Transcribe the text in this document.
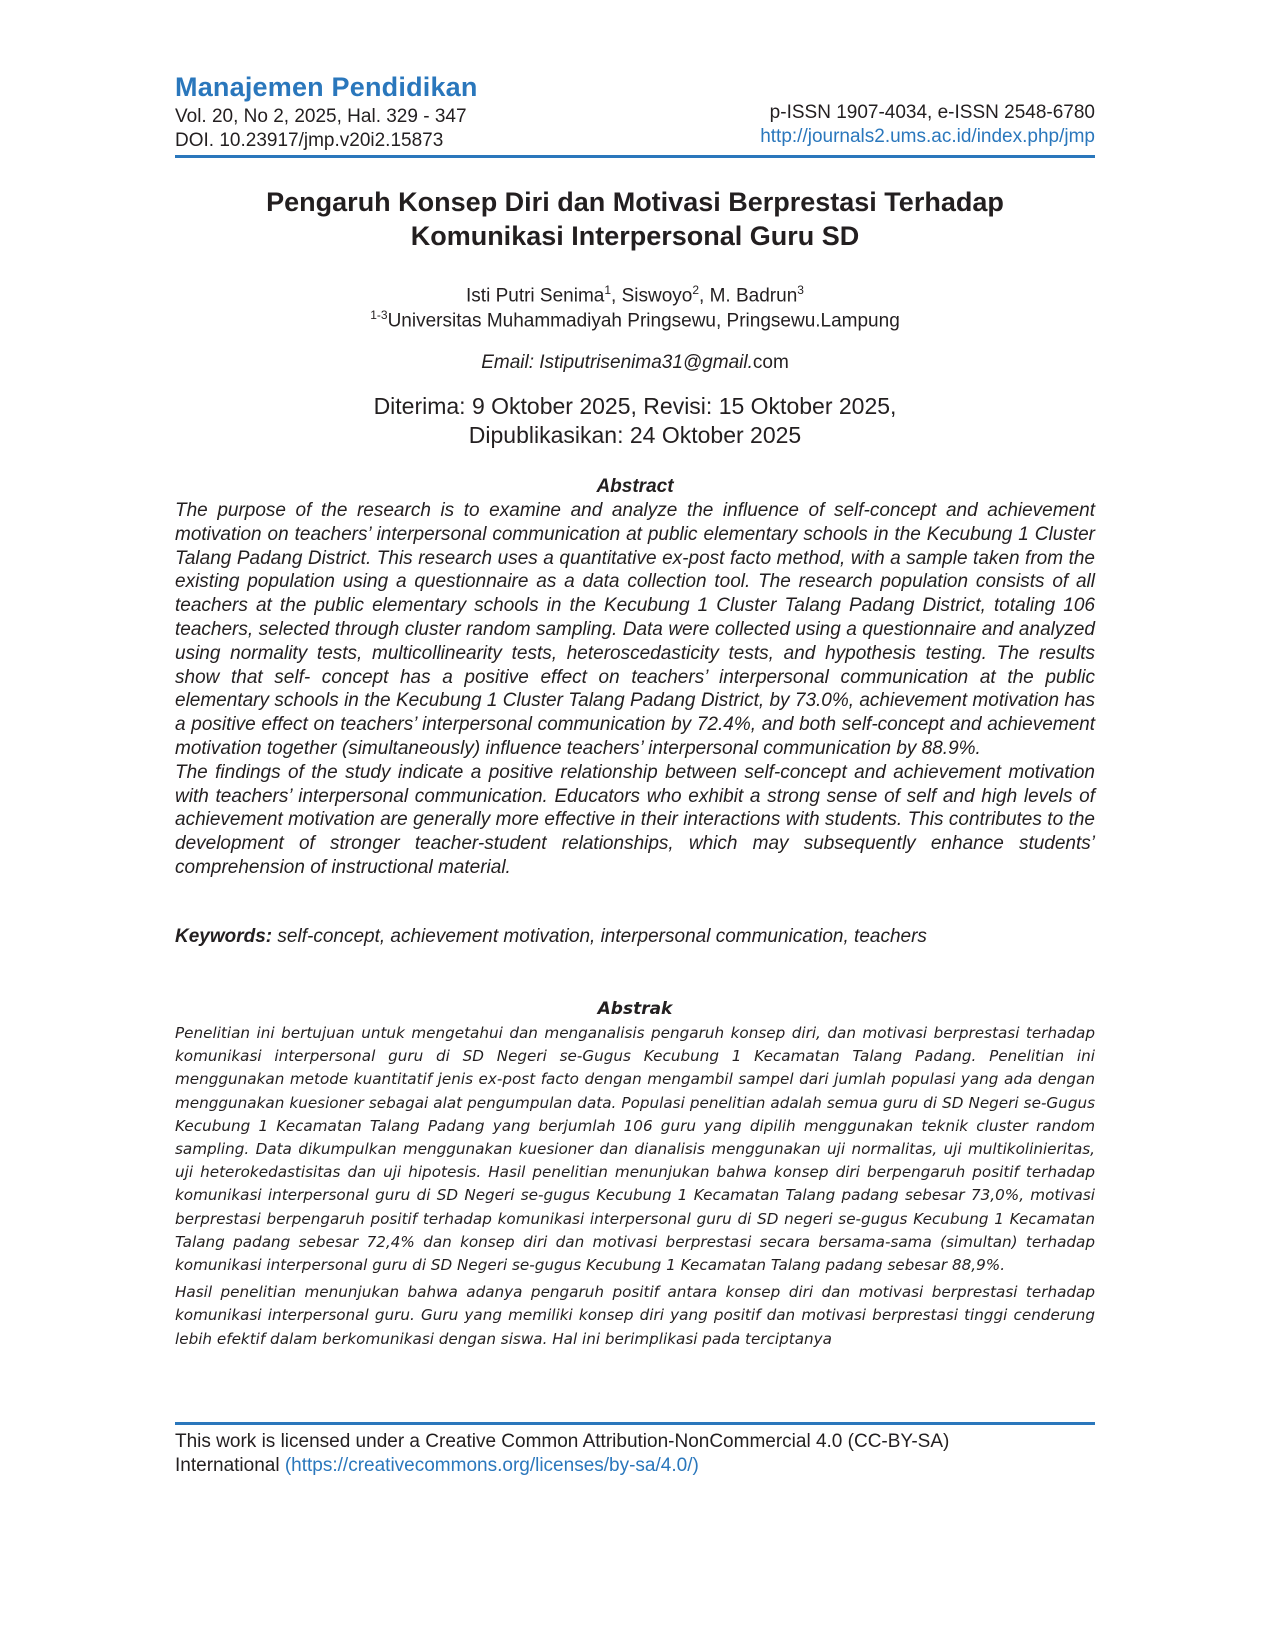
Manajemen Pendidikan
Vol. 20, No 2, 2025, Hal. 329 - 347
DOI. 10.23917/jmp.v20i2.15873
p-ISSN 1907-4034, e-ISSN 2548-6780
http://journals2.ums.ac.id/index.php/jmp
Pengaruh Konsep Diri dan Motivasi Berprestasi Terhadap
Komunikasi Interpersonal Guru SD
Isti Putri Senima$^1$, Siswoyo$^2$, M. Badrun$^3$
$^{1-3}$Universitas Muhammadiyah Pringsewu, Pringsewu.Lampung
Email: Istiputrisenima31@gmail.com
Diterima: 9 Oktober 2025, Revisi: 15 Oktober 2025,
Dipublikasikan: 24 Oktober 2025
Abstract

The purpose of the research is to examine and analyze the influence of self-concept and achievement motivation on teachers’ interpersonal communication at public elementary schools in the Kecubung 1 Cluster Talang Padang District. This research uses a quantitative ex-post facto method, with a sample taken from the existing population using a questionnaire as a data collection tool. The research population consists of all teachers at the public elementary schools in the Kecubung 1 Cluster Talang Padang District, totaling 106 teachers, selected through cluster random sampling. Data were collected using a questionnaire and analyzed using normality tests, multicollinearity tests, heteroscedasticity tests, and hypothesis testing. The results show that self- concept has a positive effect on teachers’ interpersonal communication at the public elementary schools in the Kecubung 1 Cluster Talang Padang District, by 73.0%, achievement motivation has a positive effect on teachers’ interpersonal communication by 72.4%, and both self-concept and achievement motivation together (simultaneously) influence teachers’ interpersonal communication by 88.9%.

The findings of the study indicate a positive relationship between self-concept and achievement motivation with teachers’ interpersonal communication. Educators who exhibit a strong sense of self and high levels of achievement motivation are generally more effective in their interactions with students. This contributes to the development of stronger teacher-student relationships, which may subsequently enhance students’ comprehension of instructional material.

Keywords: self-concept, achievement motivation, interpersonal communication, teachers
Abstrak

Penelitian ini bertujuan untuk mengetahui dan menganalisis pengaruh konsep diri, dan motivasi berprestasi terhadap komunikasi interpersonal guru di SD Negeri se-Gugus Kecubung 1 Kecamatan Talang Padang. Penelitian ini menggunakan metode kuantitatif jenis ex-post facto dengan mengambil sampel dari jumlah populasi yang ada dengan menggunakan kuesioner sebagai alat pengumpulan data. Populasi penelitian adalah semua guru di SD Negeri se-Gugus Kecubung 1 Kecamatan Talang Padang yang berjumlah 106 guru yang dipilih menggunakan teknik cluster random sampling. Data dikumpulkan menggunakan kuesioner dan dianalisis menggunakan uji normalitas, uji multikolinieritas, uji heterokedastisitas dan uji hipotesis. Hasil penelitian menunjukan bahwa konsep diri berpengaruh positif terhadap komunikasi interpersonal guru di SD Negeri se-gugus Kecubung 1 Kecamatan Talang padang sebesar 73,0%, motivasi berprestasi berpengaruh positif terhadap komunikasi interpersonal guru di SD negeri se-gugus Kecubung 1 Kecamatan Talang padang sebesar 72,4% dan konsep diri dan motivasi berprestasi secara bersama-sama (simultan) terhadap komunikasi interpersonal guru di SD Negeri se-gugus Kecubung 1 Kecamatan Talang padang sebesar 88,9%.

Hasil penelitian menunjukan bahwa adanya pengaruh positif antara konsep diri dan motivasi berprestasi terhadap komunikasi interpersonal guru. Guru yang memiliki konsep diri yang positif dan motivasi berprestasi tinggi cenderung lebih efektif dalam berkomunikasi dengan siswa. Hal ini berimplikasi pada terciptanya

This work is licensed under a Creative Common Attribution-NonCommercial 4.0 (CC-BY-SA)
International (https://creativecommons.org/licenses/by-sa/4.0/)
